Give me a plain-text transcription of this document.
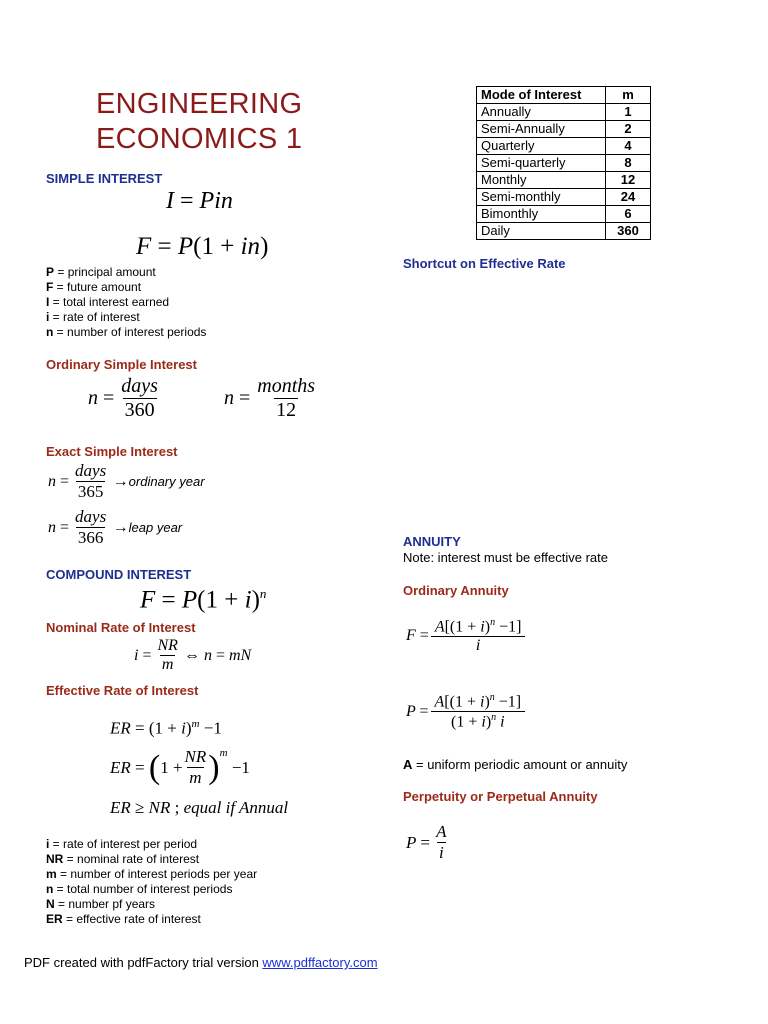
ENGINEERING
ECONOMICS 1
SIMPLE INTEREST
I = Pin
F = P(1 + in)
P = principal amount
F = future amount
I = total interest earned
i = rate of interest
n = number of interest periods
Ordinary Simple Interest
$n = \frac{\text{days}}{360}$	$n = \frac{\text{months}}{12}$
Exact Simple Interest
$n = \frac{\text{days}}{365}$ → ordinary year
$n = \frac{\text{days}}{366}$ → leap year
COMPOUND INTEREST
$F = P(1 + i)^n$
Nominal Rate of Interest
$i = \frac{NR}{m}$ ⇔ n = mN
Effective Rate of Interest
ER = $(1 + i)^m -1$
ER = ( $1 + \frac{NR}{m} )^m$
−1
ER ≥ NR ; equal if Annual
i = rate of interest per period
NR = nominal rate of interest
m = number of interest periods per year
n = total number of interest periods
N = number pf years
ER = effective rate of interest
Mode of Interest	m
Annually	1
Semi-Annually	2
Quarterly	4
Semi-quarterly	8
Monthly	12
Semi-monthly	24
Bimonthly	6
Daily	360
Shortcut on Effective Rate
ANNUITY
Note: interest must be effective rate
Ordinary Annuity
$F = \frac{A[(1 + i)^n -1]}{i}$
$P = \frac{A[(1 + i)^n -1]}{(1 + i)^n i}$
A = uniform periodic amount or annuity
Perpetuity or Perpetual Annuity
$P = \frac{A}{i}$
PDF created with pdfFactory trial version www.pdffactory.com
